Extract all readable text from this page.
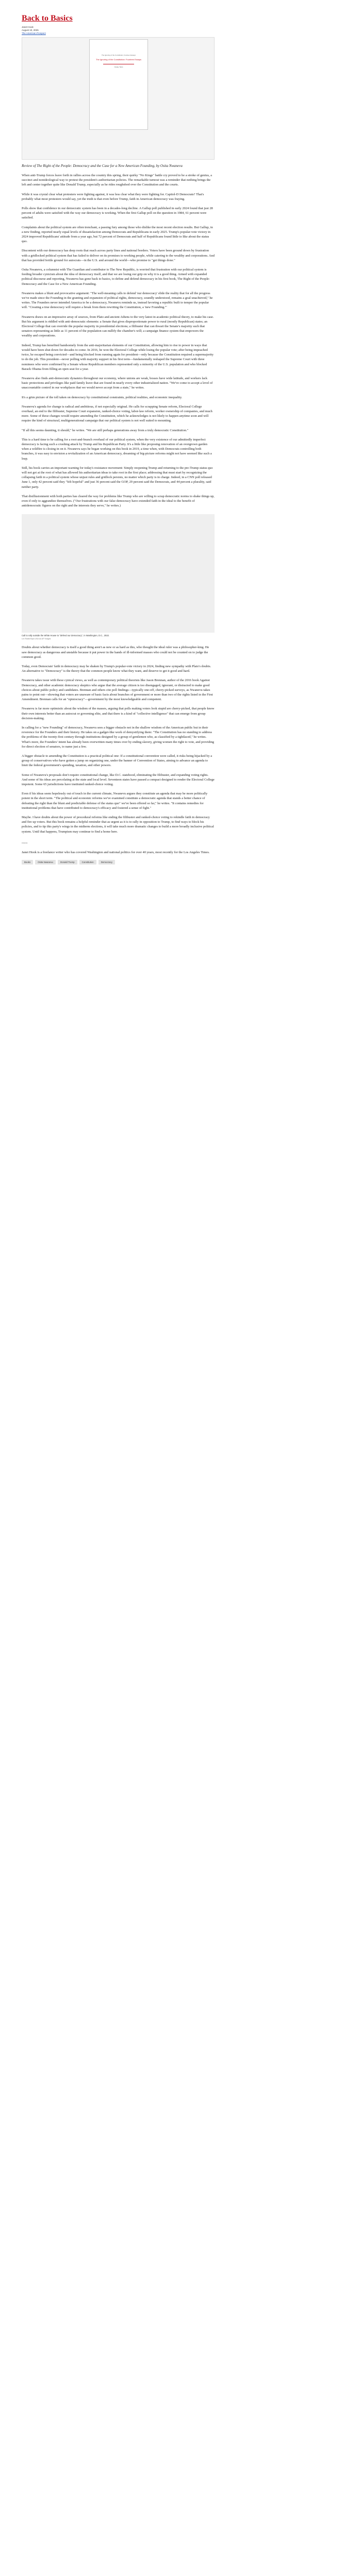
Back to Basics
Janet Hook
August 10, 2025
The American Prospect
The Ignoring of the Constitution, Fourteen Essays
The Ignoring of the Constitution: Fourteen Essays
Ossley Tanis
Review of The Right of the People: Democracy and the Case for a New American Founding, by Osita Nwanevu

When anti-Trump forces leave forth in rallies across the country this spring, their quirky "No Kings" battle cry proved to be a stroke of genius, a succinct and nonideological way to protest the president's authoritarian policies. The remarkable turnout was a reminder that nothing brings the left and center together quite like Donald Trump, especially as he rides roughshod over the Constitution and the courts.

While it was crystal clear what protesters were fighting against, it was less clear what they were fighting for. Capitol-D Democrats? That's probably what most protesters would say, yet the truth is that even before Trump, faith in American democracy was fraying.

Polls show that confidence in our democratic system has been in a decades-long decline. A Gallup poll published in early 2024 found that just 28 percent of adults were satisfied with the way our democracy is working. When the first Gallup poll on the question in 1984, 61 percent were satisfied.

Complaints about the political system are often trenchant, a passing fury among those who dislike the most recent election results. But Gallup, in a new finding, reported nearly equal levels of dissatisfaction among Democrats and Republicans in early 2025. Trump's popular-vote victory in 2024 improved Republicans' attitude from a year ago, but 72 percent of Democrats and half of Republicans found little to like about the status quo.

Discontent with our democracy has deep roots that reach across party lines and national borders. Voters have been ground down by frustration with a gridlocked political system that has failed to deliver on its promises to working people, while catering to the wealthy and corporations. And that has provided fertile ground for autocrats—in the U.S. and around the world—who promise to "get things done."

Osita Nwanevu, a columnist with The Guardian and contributor to The New Republic, is worried that frustration with our political system is feeding broader cynicism about the idea of democracy itself, and that we are losing our grip on why it is a good thing. Armed with expanded political discourse and reporting, Nwanevu has gone back to basics, to define and defend democracy in his first book, The Right of the People: Democracy and the Case for a New American Founding.

Nwanevu makes a blunt and provocative argument: "The well-meaning calls to defend 'our democracy' elide the reality that for all the progress we've made since the Founding in the granting and expansion of political rights, democracy, soundly understood, remains a goal unachieved," he writes. The Founders never intended America to be a democracy, Nwanevu reminds us, instead favoring a republic built to temper the popular will. "Creating a true democracy will require a break from them rewriting the Constitution, a 'new Founding.'"

Nwanevu draws on an impressive array of sources, from Plato and ancient Athens to the very latest in academic political theory, to make his case. But his argument is riddled with anti-democratic elements: a Senate that gives disproportionate power to rural (mostly Republican) states; an Electoral College that can override the popular majority in presidential elections; a filibuster that can thwart the Senate's majority such that senators representing as little as 11 percent of the population can nullify the chamber's will; a campaign finance system that empowers the wealthy and corporations.

Indeed, Trump has benefited handsomely from the anti-majoritarian elements of our Constitution, allowing him to rise to power in ways that would have been shut down for decades to come. In 2016, he won the Electoral College while losing the popular vote; after being impeached twice, he escaped being convicted—and being blocked from running again for president—only because the Constitution required a supermajority to do the job. This president—never polling with majority support in his first term—fundamentally reshaped the Supreme Court with three nominees who were confirmed by a Senate whose Republican members represented only a minority of the U.S. population and who blocked Barack Obama from filling an open seat for a year.

Nwanevu also finds anti-democratic dynamics throughout our economy, where unions are weak, bosses have wide latitude, and workers lack basic protections and privileges like paid family leave that are found in nearly every other industrialized nation. "We've come to accept a level of unaccountable control in our workplaces that we would never accept from a state," he writes.

It's a grim picture of the toll taken on democracy by constitutional constraints, political realities, and economic inequality.

Nwanevu's agenda for change is radical and ambitious, if not especially original. He calls for scrapping Senate reform, Electoral College overhaul, an end to the filibuster, Supreme Court expansion, ranked-choice voting, labor-law reform, worker ownership of companies, and much more. Some of these changes would require amending the Constitution, which he acknowledges is not likely to happen anytime soon and will require the kind of structural, multigenerational campaign that our political system is not well suited to mounting.

"If all this seems daunting, it should," he writes. "We are still perhaps generations away from a truly democratic Constitution."

This is a hard time to be calling for a root-and-branch overhaul of our political system, when the very existence of our admittedly imperfect democracy is facing such a crushing attack by Trump and his Republican Party. It's a little like proposing renovation of an overgrown garden when a wildfire is closing in on it. Nwanevu says he began working on this book in 2019, a time when, with Democrats controlling both branches, it was easy to envision a revitalization of an American democracy, dreaming of big-picture reforms might not have seemed like such a leap.

Still, his book carries an important warning for today's resistance movement: Simply reopening Trump and returning to the pre-Trump status quo will not get at the root of what has allowed his authoritarian ideas to take root in the first place; addressing that must start by recognizing the collapsing faith in a political system whose unjust rules and gridlock persists, no matter which party is in charge. Indeed, in a CNN poll released June 1, only 42 percent said they "felt hopeful" and just 36 percent said the GOP, 29 percent said the Democrats, and 44 percent a plurality, said neither party.

That disillusionment with both parties has cleared the way for problems like Trump who are willing to scrap democratic norms to shake things up, even if only to aggrandize themselves. ("Our frustrations with our false democracy have extended faith in the ideal to the benefit of antidemocratic figures on the right and the interests they serve," he writes.)

Call to rally outside the White House to "defend our democracy", in Washington, D.C., 2022.
Lev Radin/Sipa USA via AP Images

Doubts about whether democracy is itself a good thing aren't as new or as hard as this, who thought the ideal ruler was a philosopher-king. He saw democracy as dangerous and unstable because it put power in the hands of ill-informed masses who could not be counted on to judge the common good.

Today, even Democrats' faith in democracy may be shaken by Trump's popular-vote victory in 2024, finding new sympathy with Plato's doubts. An alternative to "Democracy" is the theory that the common people know what they want, and deserve to get it good and hard.

Nwanevu takes issue with these cynical views, as well as contemporary political theorists like Jason Brennan, author of the 2016 book Against Democracy, and other academic democracy skeptics who argue that the average citizen is too disengaged, ignorant, or distracted to make good choices about public policy and candidates. Brennan and others cite poll findings—typically one-off, cherry-picked surveys, as Nwanevu takes pains to point out—showing that voters are unaware of basic facts about branches of government or more than two of the rights listed in the First Amendment. Brennan calls for an "epistocracy"—government by the most knowledgeable and competent.

Nwanevu is far more optimistic about the wisdom of the masses, arguing that polls making voters look stupid are cherry-picked, that people know their own interests better than an autocrat or governing elite, and that there is a kind of "collective intelligence" that can emerge from group decision-making.

In calling for a "new Founding" of democracy, Nwanevu sees a bigger obstacle not in the shallow wisdom of the American public but in their reverence for the Founders and their history. He takes on a gadget-like work of demystifying them: "The Constitution has no standing to address the problems of the twenty-first century through institutions designed by a group of gentlemen who, as classified by a tightlaced," he writes. What's more, the Founders' intent has already been overwritten many times over by ending slavery, giving women the right to vote, and providing for direct election of senators, to name just a few.

A bigger obstacle to amending the Constitution is a practical political one: If a constitutional convention were called, it risks being hijacked by a group of conservatives who have gotten a jump on organizing one, under the banner of Convention of States, aiming to advance an agenda to limit the federal government's spending, taxation, and other powers.

Some of Nwanevu's proposals don't require constitutional change, like D.C. statehood, eliminating the filibuster, and expanding voting rights. And some of his ideas are percolating at the state and local level. Seventeen states have passed a compact designed to render the Electoral College impotent. Some 65 jurisdictions have instituted ranked-choice voting.

Even if his ideas seem hopelessly out of touch in the current climate, Nwanevu argues they constitute an agenda that may be more politically potent in the short term. "The political and economic reforms we've examined constitute a democratic agenda that stands a better chance of defeating the right than the blunt and predictable defense of the status quo" we've been offered so far," he writes. "It contains remedies for institutional problems that have contributed to democracy's efficacy and fostered a sense of fight."

Maybe. I have doubts about the power of procedural reforms like ending the filibuster and ranked-choice voting to rekindle faith in democracy and fire up voters. But this book remains a helpful reminder that as urgent as it is to rally in opposition to Trump, to find ways to block his policies, and to tip this party's wings in the midterm elections, it will take much more dramatic changes to build a more broadly inclusive political system. Until that happens, Trumpism may continue to find a home here.

~~~

Janet Hook is a freelance writer who has covered Washington and national politics for over 40 years, most recently for the Los Angeles Times.

Books	Osita Nwanevu	Donald Trump	Constitution	Democracy
